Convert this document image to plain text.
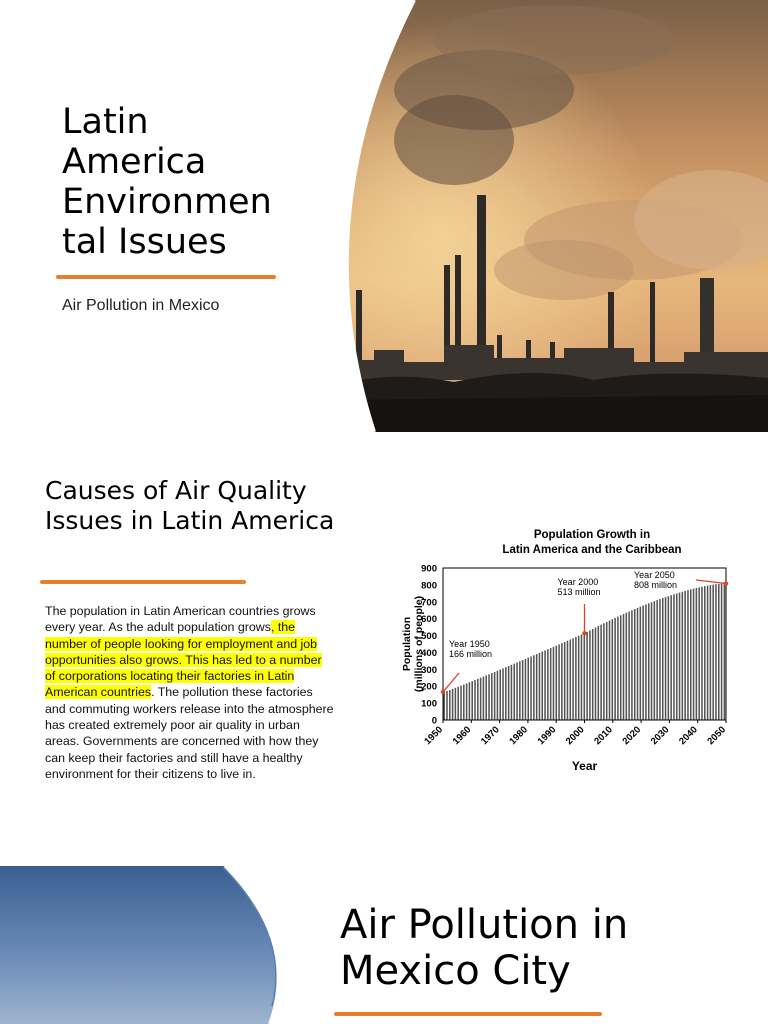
Latin
America
Environmen
tal Issues
Air Pollution in Mexico
Causes of Air Quality Issues in Latin America
The population in Latin American countries grows every year. As the adult population grows, the number of people looking for employment and job opportunities also grows. This has led to a number of corporations locating their factories in Latin American countries. The pollution these factories and commuting workers release into the atmosphere has created extremely poor air quality in urban areas. Governments are concerned with how they can keep their factories and still have a healthy environment for their citizens to live in.
Population Growth in
Latin America and the Caribbean
0
100
200
300
400
500
600
700
800
900
1950 1960 1970 1980 1990 2000 2010 2020 2030 2040 2050
Year 1950
166 million
Year 2000
513 million
Year 2050
808 million
Population (millions of people)
Year
Air Pollution in Mexico City
